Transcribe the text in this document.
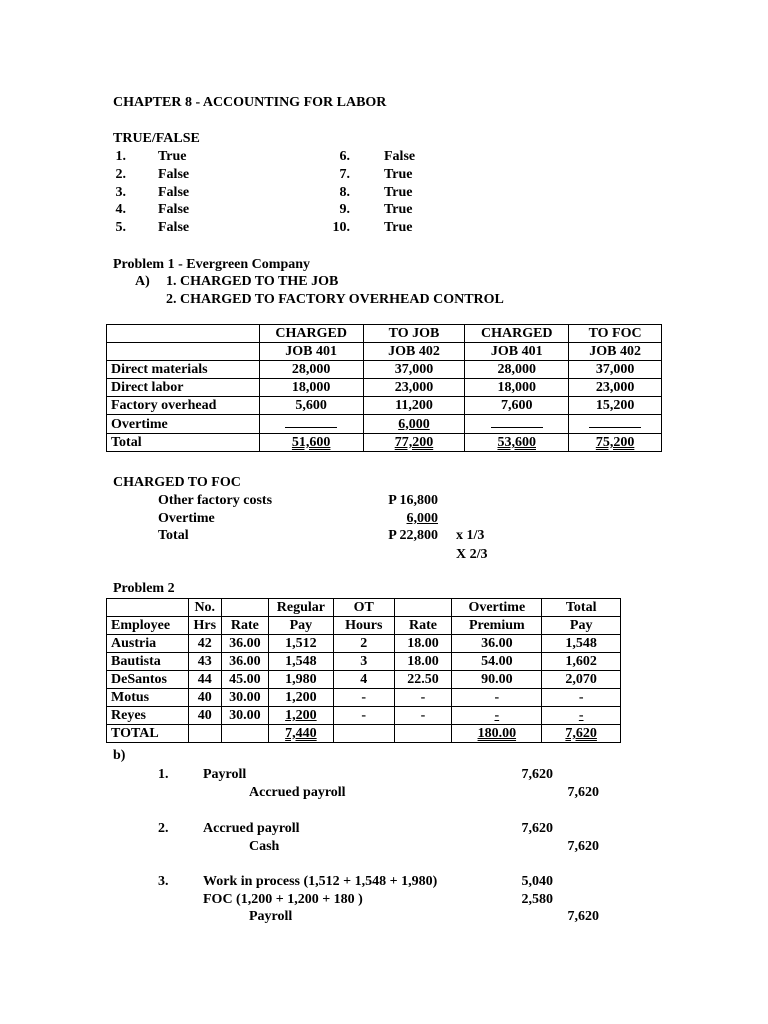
CHAPTER 8 - ACCOUNTING FOR LABOR
TRUE/FALSE
1. True
2. False
3. False
4. False
5. False
6. False
7. True
8. True
9. True
10. True
Problem 1 - Evergreen Company
A) 1. CHARGED TO THE JOB
2. CHARGED TO FACTORY OVERHEAD CONTROL
	CHARGED	TO JOB	CHARGED	TO FOC
	JOB 401	JOB 402	JOB 401	JOB 402
Direct materials	28,000	37,000	28,000	37,000
Direct labor	18,000	23,000	18,000	23,000
Factory overhead	5,600	11,200	7,600	15,200
Overtime		6,000		
Total	51,600	77,200	53,600	75,200
CHARGED TO FOC
Other factory costs	P 16,800
Overtime	6,000
Total	P 22,800 x 1/3
X 2/3
Problem 2
	No.		Regular	OT		Overtime	Total
Employee	Hrs	Rate	Pay	Hours	Rate	Premium	Pay
Austria	42	36.00	1,512	2	18.00	36.00	1,548
Bautista	43	36.00	1,548	3	18.00	54.00	1,602
DeSantos	44	45.00	1,980	4	22.50	90.00	2,070
Motus	40	30.00	1,200	-	-	-	-
Reyes	40	30.00	1,200	-	-	-	-
TOTAL			7,440			180.00	7,620
b)
1. Payroll	7,620
Accrued payroll	7,620
2. Accrued payroll	7,620
Cash	7,620
3. Work in process (1,512 + 1,548 + 1,980)	5,040
FOC (1,200 + 1,200 + 180 )	2,580
Payroll	7,620
